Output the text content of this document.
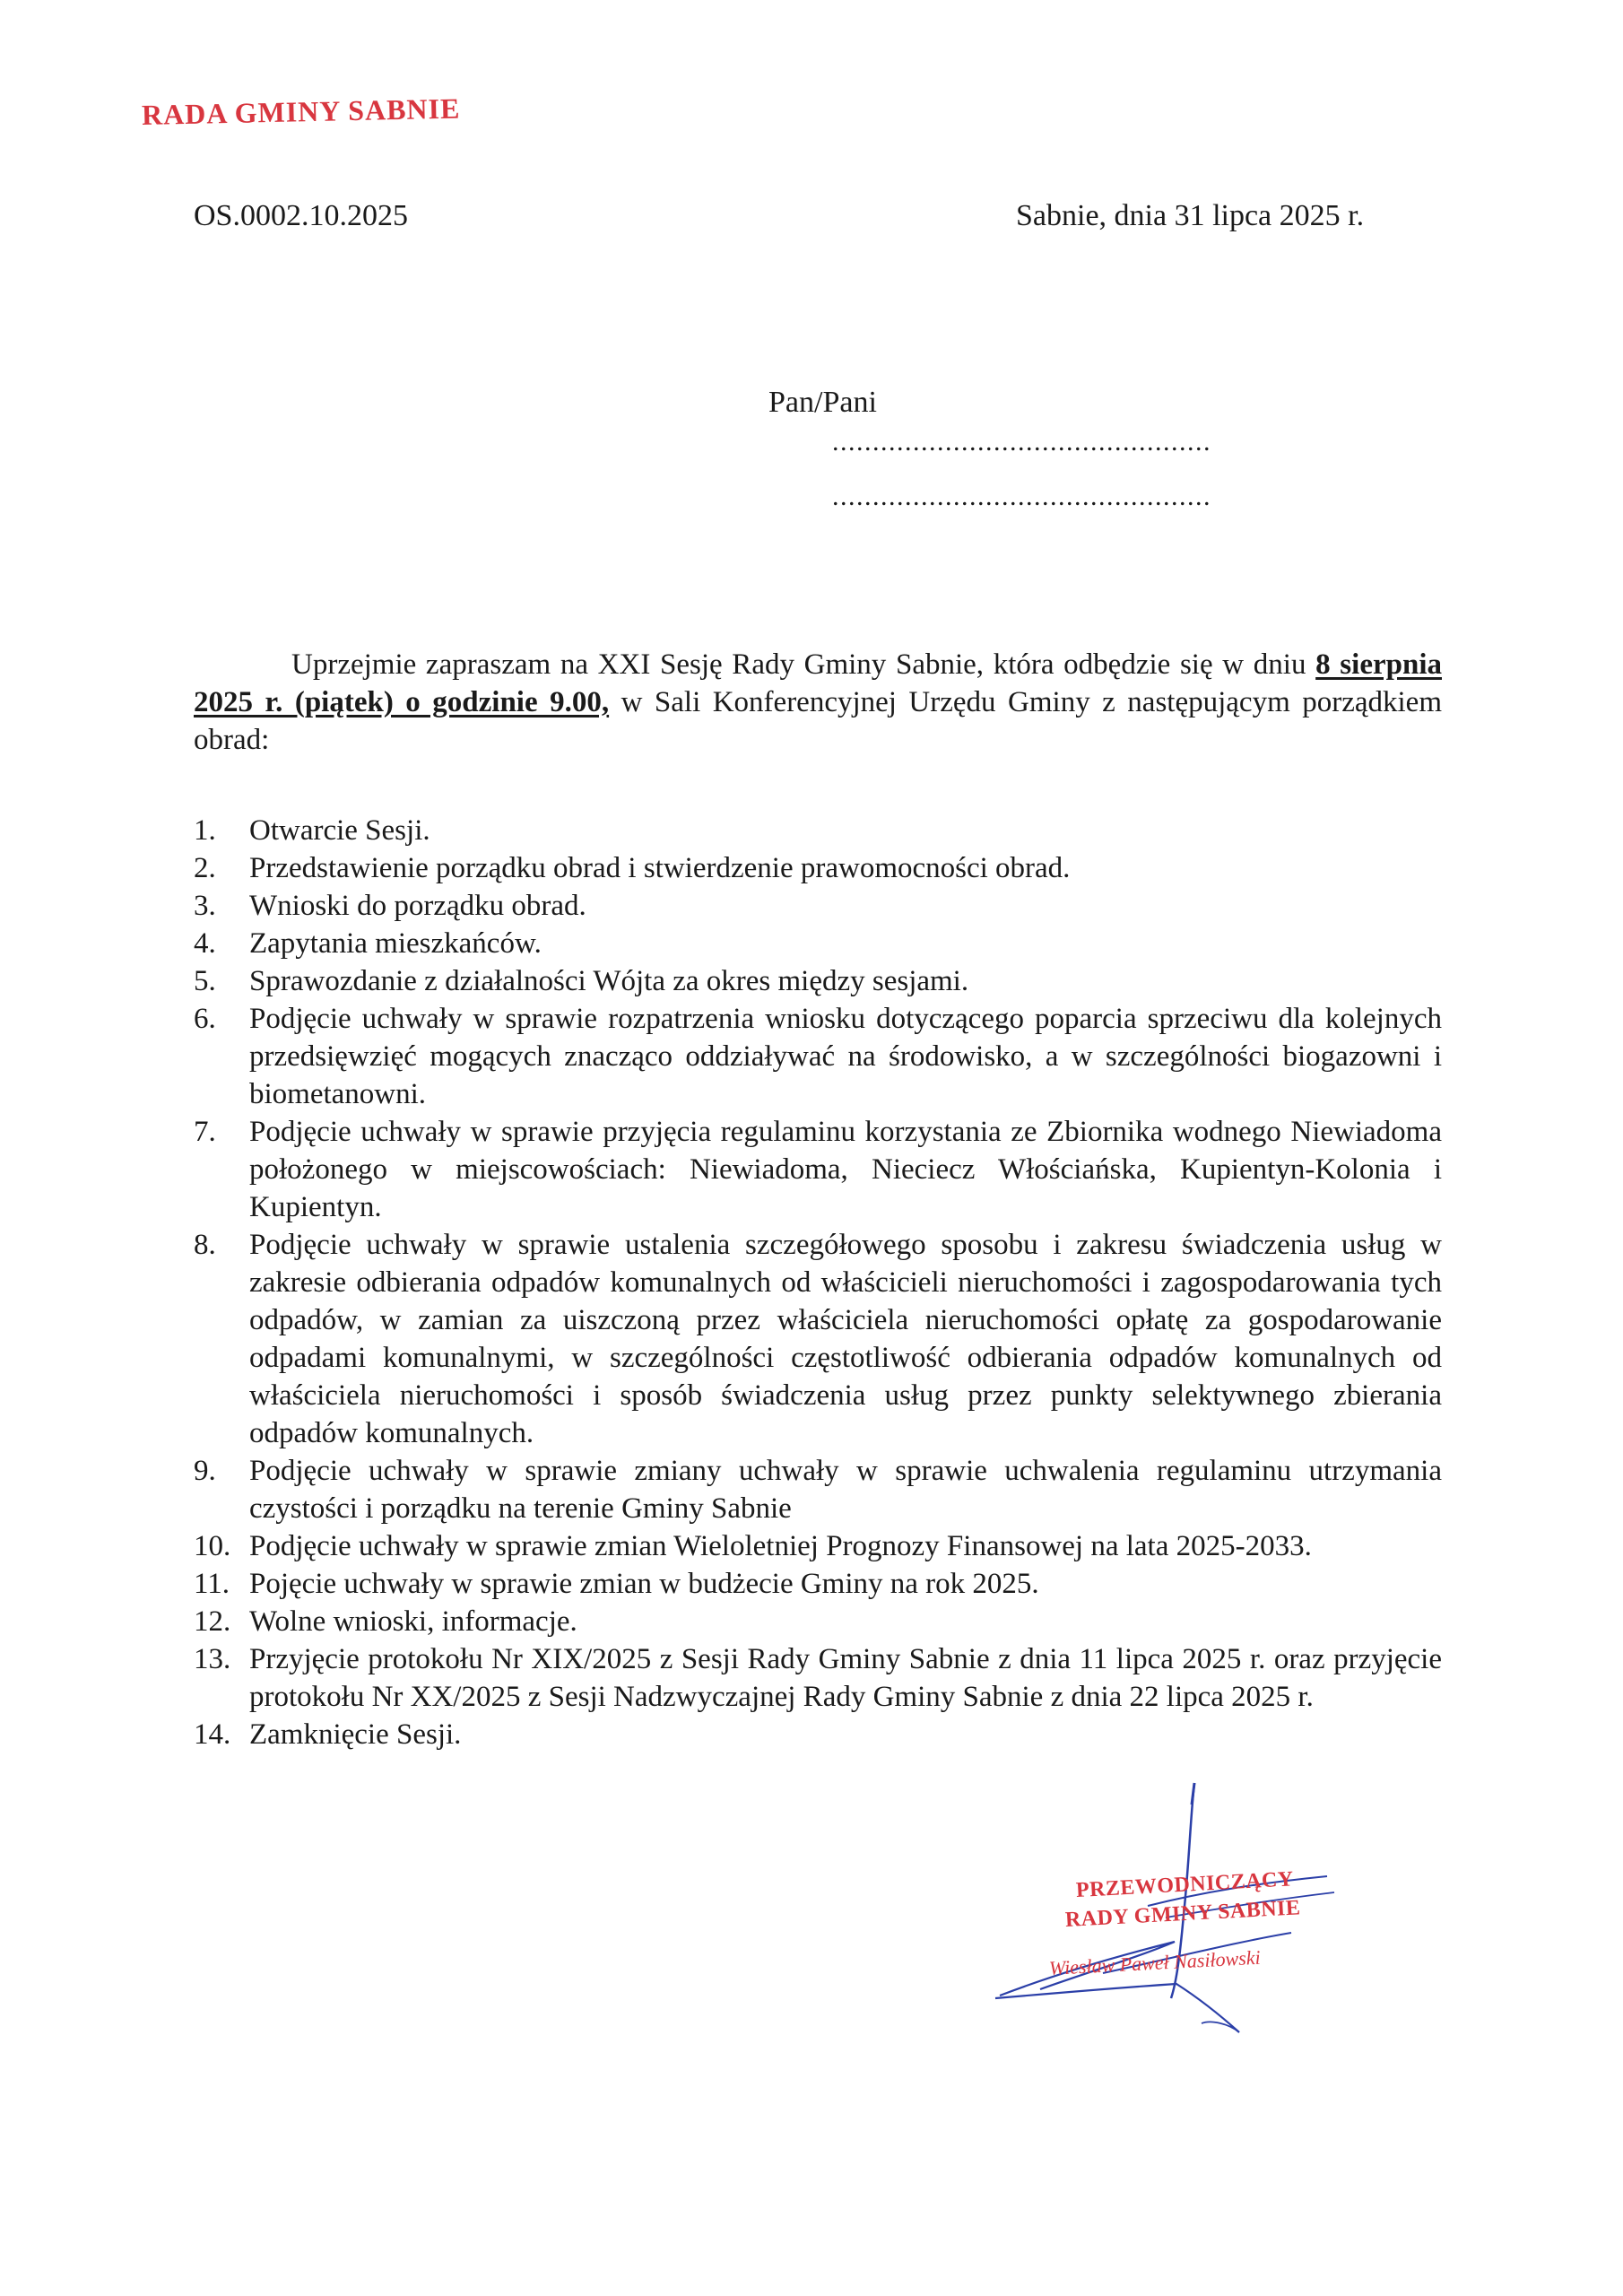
RADA GMINY SABNIE
OS.0002.10.2025	Sabnie, dnia 31 lipca 2025 r.
Pan/Pani
...............................................
...............................................
Uprzejmie zapraszam na XXI Sesję Rady Gminy Sabnie, która odbędzie się w dniu 8 sierpnia 2025 r. (piątek) o godzinie 9.00, w Sali Konferencyjnej Urzędu Gminy z następującym porządkiem obrad:
1.	Otwarcie Sesji.
2.	Przedstawienie porządku obrad i stwierdzenie prawomocności obrad.
3.	Wnioski do porządku obrad.
4.	Zapytania mieszkańców.
5.	Sprawozdanie z działalności Wójta za okres między sesjami.
6.	Podjęcie uchwały w sprawie rozpatrzenia wniosku dotyczącego poparcia sprzeciwu dla kolejnych przedsięwzięć mogących znacząco oddziaływać na środowisko, a w szczególności biogazowni i biometanowni.
7.	Podjęcie uchwały w sprawie przyjęcia regulaminu korzystania ze Zbiornika wodnego Niewiadoma położonego w miejscowościach: Niewiadoma, Nieciecz Włościańska, Kupientyn-Kolonia i Kupientyn.
8.	Podjęcie uchwały w sprawie ustalenia szczegółowego sposobu i zakresu świadczenia usług w zakresie odbierania odpadów komunalnych od właścicieli nieruchomości i zagospodarowania tych odpadów, w zamian za uiszczoną przez właściciela nieruchomości opłatę za gospodarowanie odpadami komunalnymi, w szczególności częstotliwość odbierania odpadów komunalnych od właściciela nieruchomości i sposób świadczenia usług przez punkty selektywnego zbierania odpadów komunalnych.
9.	Podjęcie uchwały w sprawie zmiany uchwały w sprawie uchwalenia regulaminu utrzymania czystości i porządku na terenie Gminy Sabnie
10. Podjęcie uchwały w sprawie zmian Wieloletniej Prognozy Finansowej na lata 2025-2033.
11. Pojęcie uchwały w sprawie zmian w budżecie Gminy na rok 2025.
12. Wolne wnioski, informacje.
13. Przyjęcie protokołu Nr XIX/2025 z Sesji Rady Gminy Sabnie z dnia 11 lipca 2025 r. oraz przyjęcie protokołu Nr XX/2025 z Sesji Nadzwyczajnej Rady Gminy Sabnie z dnia 22 lipca 2025 r.
14. Zamknięcie Sesji.
PRZEWODNICZĄCY
RADY GMINY SABNIE
Wiesław Paweł Nasiłowski
